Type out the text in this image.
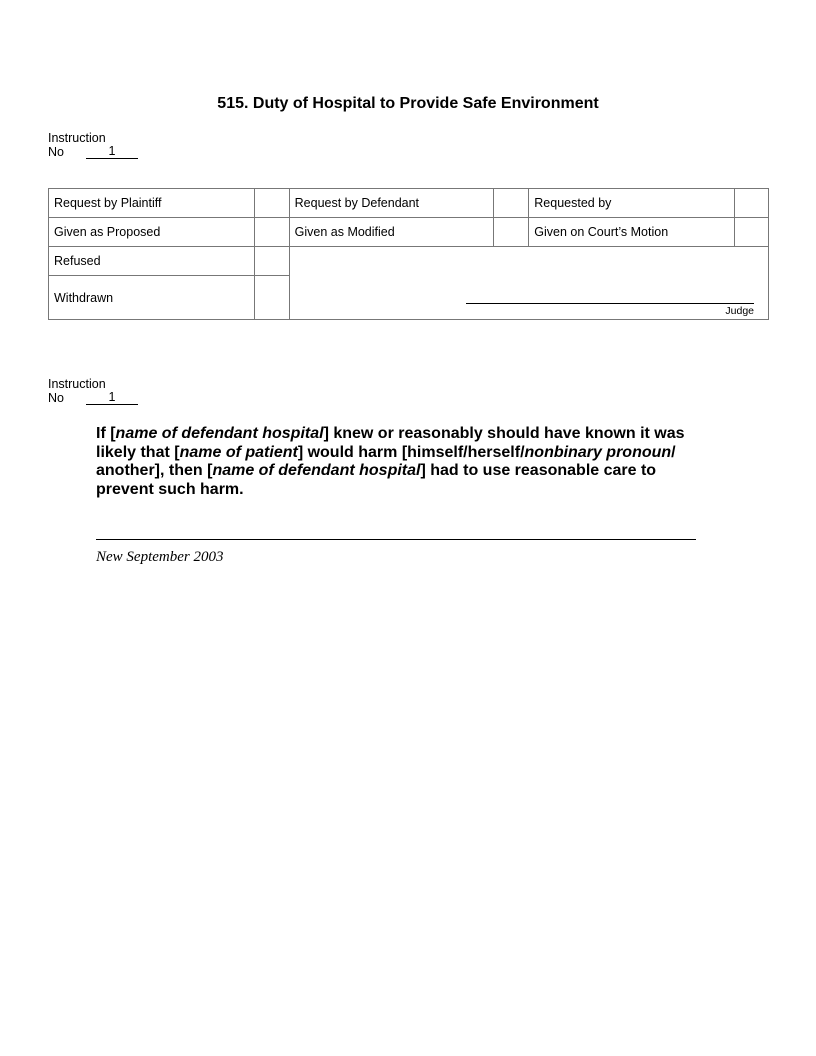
515. Duty of Hospital to Provide Safe Environment
Instruction
No	1
Request by Plaintiff		Request by Defendant		Requested by	
Given as Proposed		Given as Modified		Given on Court’s Motion	
Refused		Judge			

Withdrawn					
Instruction
No	1
If [name of defendant hospital] knew or reasonably should have known it was likely that [name of patient] would harm [himself/herself/nonbinary pronoun/ another], then [name of defendant hospital] had to use reasonable care to prevent such harm.
New September 2003
